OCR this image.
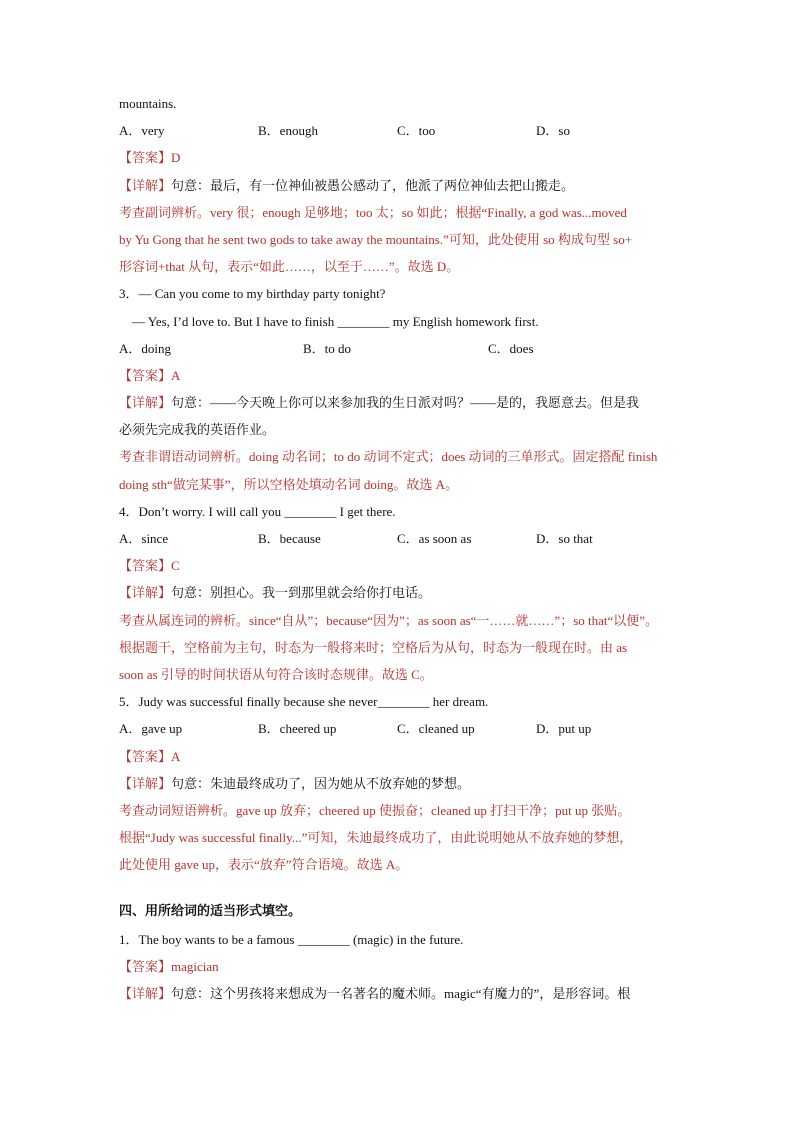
mountains.
A．very	B．enough	C．too	D．so
【答案】D
【详解】句意：最后，有一位神仙被愚公感动了，他派了两位神仙去把山搬走。
考查副词辨析。very 很；enough 足够地；too 太；so 如此；根据“Finally, a god was...moved
by Yu Gong that he sent two gods to take away the mountains.”可知，此处使用 so 构成句型 so+
形容词+that 从句，表示“如此……，以至于……”。故选 D。
3．— Can you come to my birthday party tonight?
— Yes, I’d love to. But I have to finish ________ my English homework first.
A．doing	B．to do	C．does
【答案】A
【详解】句意：——今天晚上你可以来参加我的生日派对吗？——是的，我愿意去。但是我
必须先完成我的英语作业。
考查非谓语动词辨析。doing 动名词；to do 动词不定式；does 动词的三单形式。固定搭配 finish
doing sth“做完某事”，所以空格处填动名词 doing。故选 A。
4．Don’t worry. I will call you ________ I get there.
A．since	B．because	C．as soon as	D．so that
【答案】C
【详解】句意：别担心。我一到那里就会给你打电话。
考查从属连词的辨析。since“自从”；because“因为”；as soon as“一……就……”；so that“以便”。
根据题干，空格前为主句，时态为一般将来时；空格后为从句，时态为一般现在时。由 as
soon as 引导的时间状语从句符合该时态规律。故选 C。
5．Judy was successful finally because she never________ her dream.
A．gave up	B．cheered up	C．cleaned up	D．put up
【答案】A
【详解】句意：朱迪最终成功了，因为她从不放弃她的梦想。
考查动词短语辨析。gave up 放弃；cheered up 使振奋；cleaned up 打扫干净；put up 张贴。
根据“Judy was successful finally...”可知，朱迪最终成功了，由此说明她从不放弃她的梦想，
此处使用 gave up，表示“放弃”符合语境。故选 A。
四、用所给词的适当形式填空。
1．The boy wants to be a famous ________ (magic) in the future.
【答案】magician
【详解】句意：这个男孩将来想成为一名著名的魔术师。magic“有魔力的”，是形容词。根
